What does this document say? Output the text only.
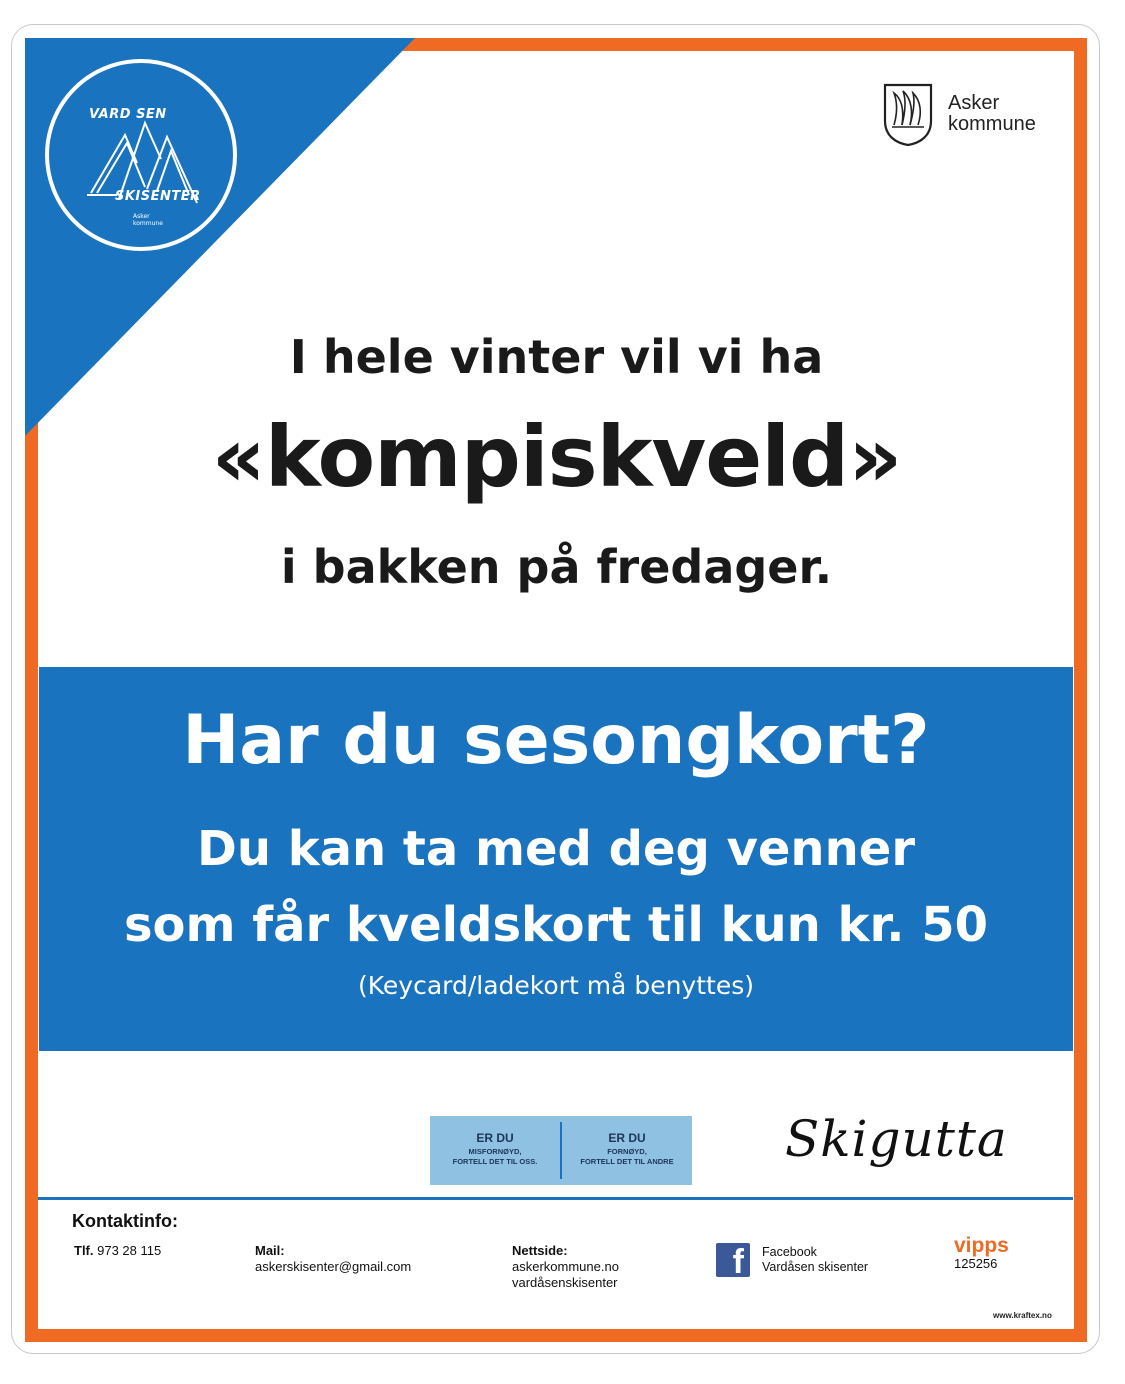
VARD SEN
SKISENTER
Asker
kommune
Asker
kommune
I hele vinter vil vi ha
«kompiskveld»
i bakken på fredager.
Har du sesongkort?
Du kan ta med deg venner
som får kveldskort til kun kr. 50
(Keycard/ladekort må benyttes)
ER DU
MISFORNØYD,
FORTELL DET TIL OSS.
ER DU
FORNØYD,
FORTELL DET TIL ANDRE	Skigutta
Kontaktinfo:
Tlf. 973 28 115	Mail:
askerskisenter@gmail.com
Nettside:
askerkommune.no
vardåsenskisenter
f Facebook
Vardåsen skisenter
vipps
125256
www.kraftex.no
